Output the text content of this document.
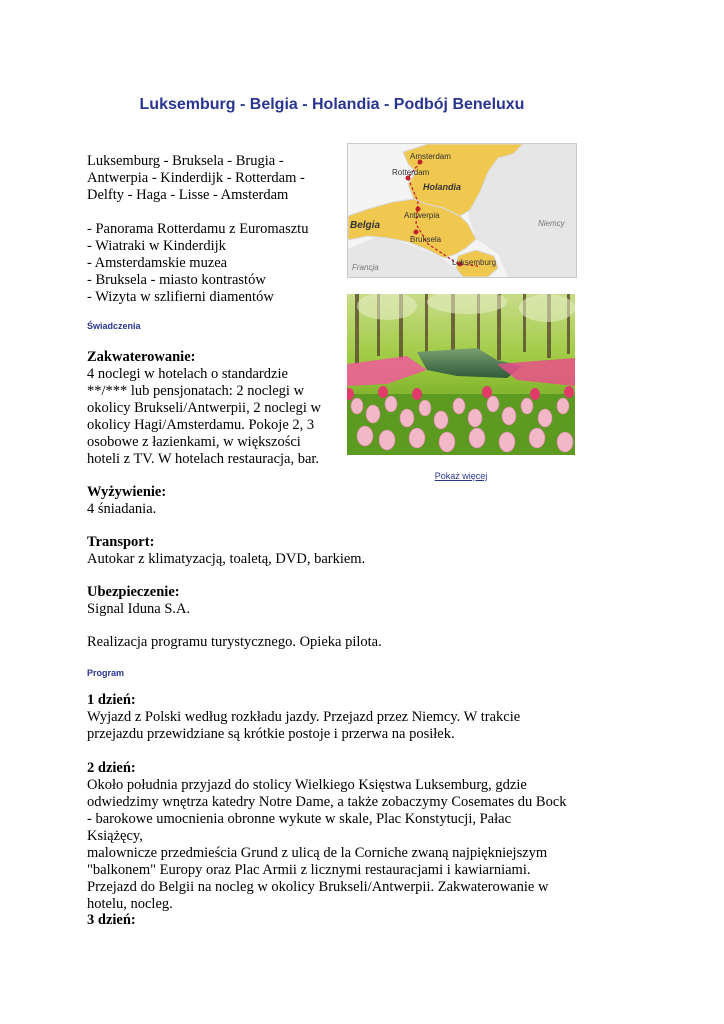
Luksemburg - Belgia - Holandia - Podbój Beneluxu

Luksemburg - Bruksela - Brugia -

Antwerpia - Kinderdijk - Rotterdam -

Delfty - Haga - Lisse - Amsterdam

- Panorama Rotterdamu z Euromasztu

- Wiatraki w Kinderdijk

- Amsterdamskie muzea

- Bruksela - miasto kontrastów

- Wizyta w szlifierni diamentów

Świadczenia

Zakwaterowanie:

4 noclegi w hotelach o standardzie

**/*** lub pensjonatach: 2 noclegi w

okolicy Brukseli/Antwerpii, 2 noclegi w

okolicy Hagi/Amsterdamu. Pokoje 2, 3

osobowe z łazienkami, w większości

hoteli z TV. W hotelach restauracja, bar.

Wyżywienie:

4 śniadania.

Transport:

Autokar z klimatyzacją, toaletą, DVD, barkiem.

Ubezpieczenie:

Signal Iduna S.A.

Realizacja programu turystycznego. Opieka pilota.

Program

1 dzień:

Wyjazd z Polski według rozkładu jazdy. Przejazd przez Niemcy. W trakcie

przejazdu przewidziane są krótkie postoje i przerwa na posiłek.

2 dzień:

Około południa przyjazd do stolicy Wielkiego Księstwa Luksemburg, gdzie

odwiedzimy wnętrza katedry Notre Dame, a także zobaczymy Cosemates du Bock

- barokowe umocnienia obronne wykute w skale, Plac Konstytucji, Pałac Książęcy,

malownicze przedmieścia Grund z ulicą de la Corniche zwaną najpiękniejszym

"balkonem" Europy oraz Plac Armii z licznymi restauracjami i kawiarniami.

Przejazd do Belgii na nocleg w okolicy Brukseli/Antwerpii. Zakwaterowanie w

hotelu, nocleg.

3 dzień:

Amsterdam
Rotterdam
Holandia
Antwerpia
Belgia
Bruksela
Niemcy
Francja
Luksemburg
Pokaż więcej
